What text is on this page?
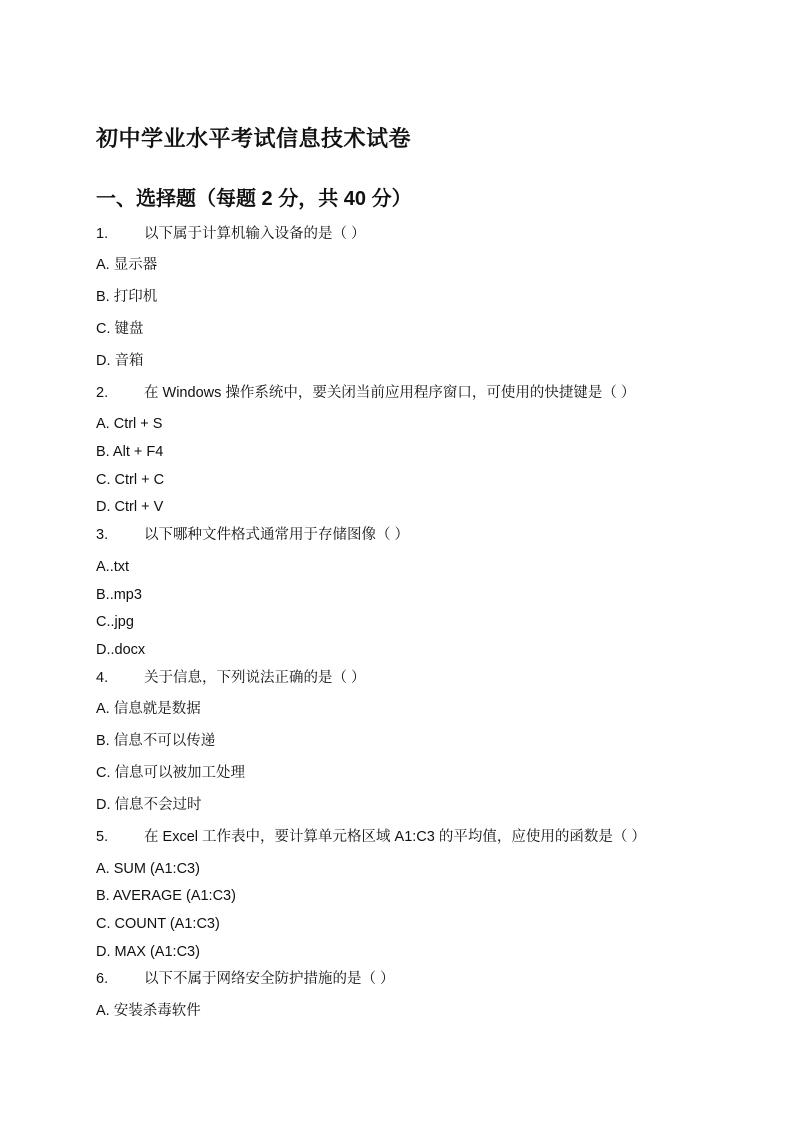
初中学业水平考试信息技术试卷
一、选择题（每题 2 分，共 40 分）
1. 以下属于计算机输入设备的是（ ）
A. 显示器
B. 打印机
C. 键盘
D. 音箱
2. 在 Windows 操作系统中，要关闭当前应用程序窗口，可使用的快捷键是（ ）
A. Ctrl + S
B. Alt + F4
C. Ctrl + C
D. Ctrl + V
3. 以下哪种文件格式通常用于存储图像（ ）
A..txt
B..mp3
C..jpg
D..docx
4. 关于信息，下列说法正确的是（ ）
A. 信息就是数据
B. 信息不可以传递
C. 信息可以被加工处理
D. 信息不会过时
5. 在 Excel 工作表中，要计算单元格区域 A1:C3 的平均值，应使用的函数是（ ）
A. SUM (A1:C3)
B. AVERAGE (A1:C3)
C. COUNT (A1:C3)
D. MAX (A1:C3)
6. 以下不属于网络安全防护措施的是（ ）
A. 安装杀毒软件
